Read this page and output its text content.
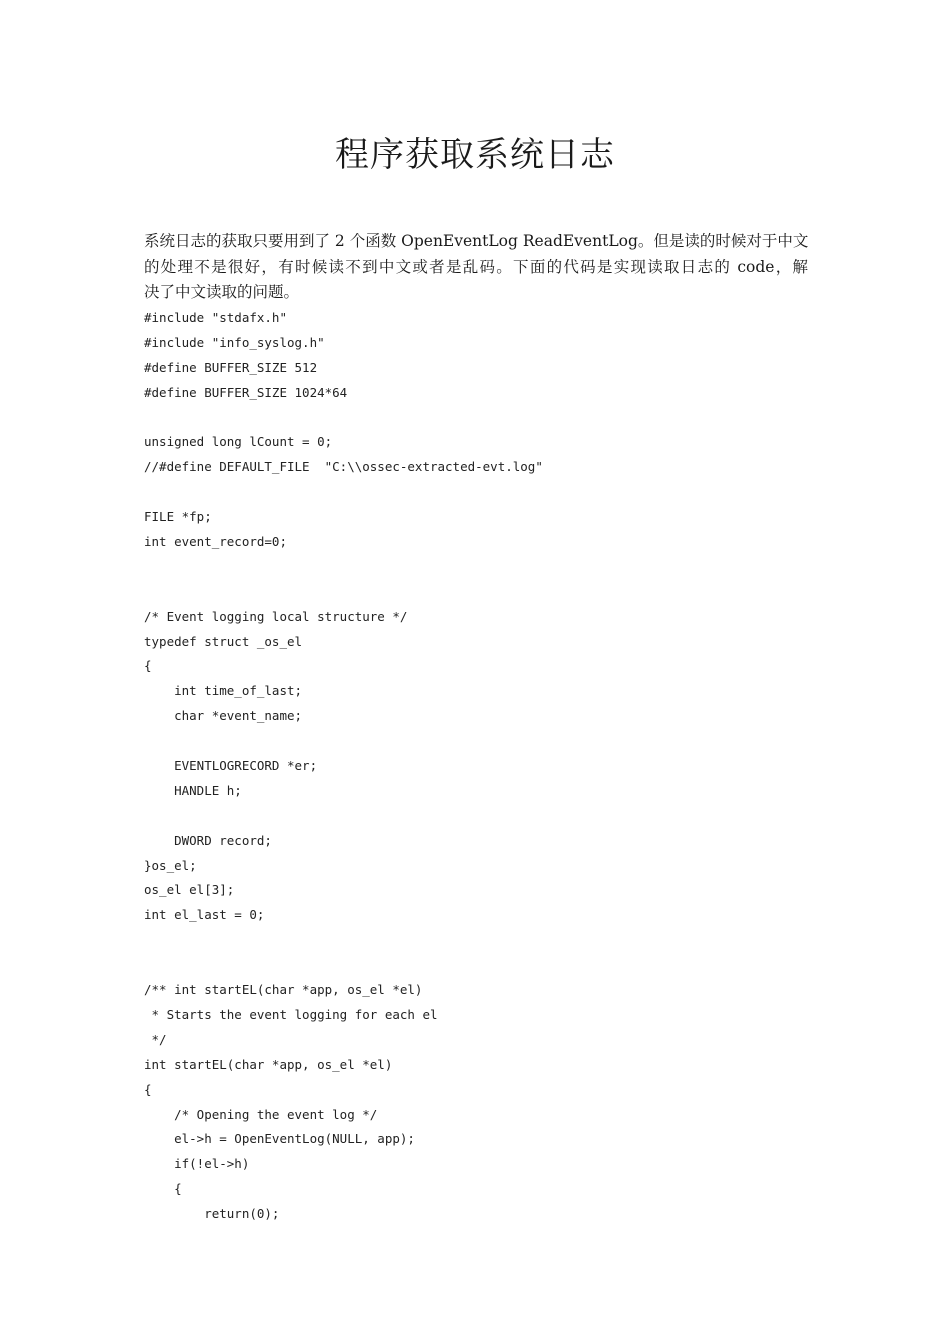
程序获取系统日志

系统日志的获取只要用到了 2 个函数 OpenEventLog ReadEventLog。但是读的时候对于中文
的处理不是很好，有时候读不到中文或者是乱码。下面的代码是实现读取日志的 code，解
决了中文读取的问题。

#include "stdafx.h"
#include "info_syslog.h"
#define BUFFER_SIZE 512
#define BUFFER_SIZE 1024*64
unsigned long lCount = 0;
//#define DEFAULT_FILE  "C:\\ossec-extracted-evt.log"
FILE *fp;
int event_record=0;
/* Event logging local structure */
typedef struct _os_el
{
int time_of_last;
char *event_name;
EVENTLOGRECORD *er;
HANDLE h;
DWORD record;
}os_el;
os_el el[3];
int el_last = 0;
/** int startEL(char *app, os_el *el)
* Starts the event logging for each el
*/
int startEL(char *app, os_el *el)
{
/* Opening the event log */
el->h = OpenEventLog(NULL, app);
if(!el->h)
{
return(0);
